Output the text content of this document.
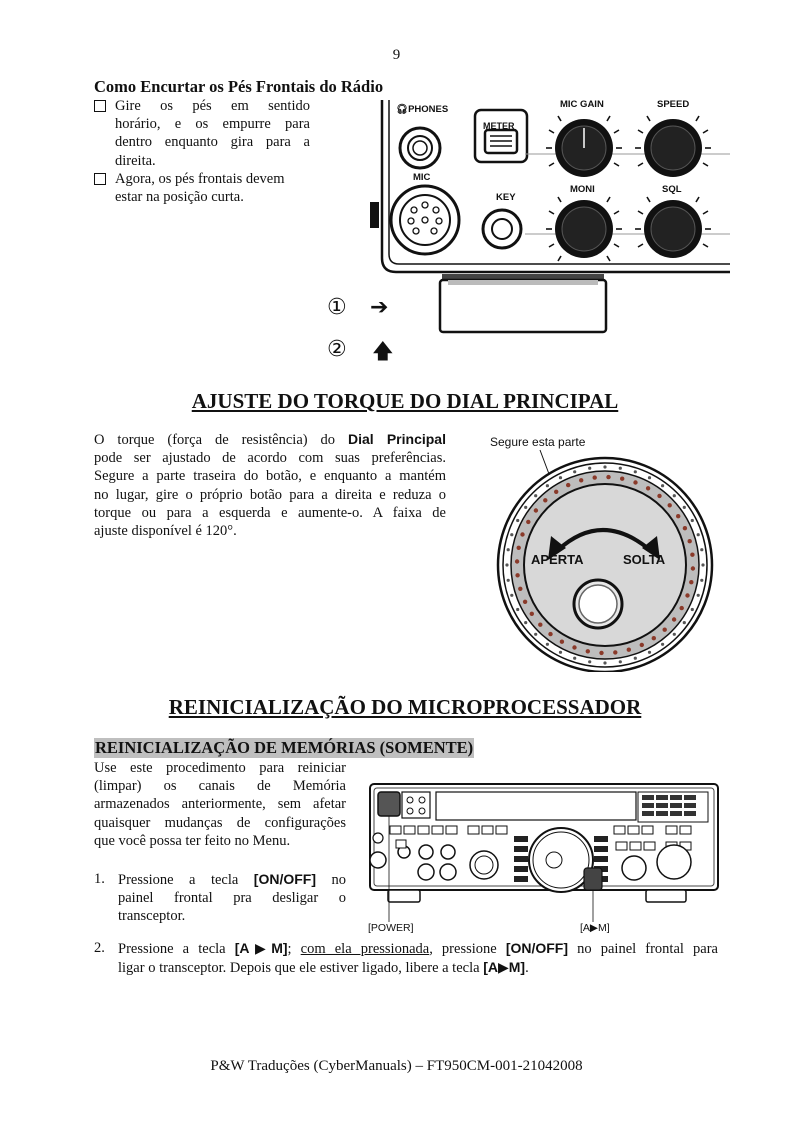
9
Como Encurtar os Pés Frontais do Rádio
Gire os pés em sentido
horário, e os empurre para
dentro enquanto gira para a
direita.
Agora, os pés frontais devem
estar na posição curta.
🎧︎PHONES
METER
MIC GAIN	SPEED
MIC
KEY
MONI	SQL
① ➔
② 🡅
AJUSTE DO TORQUE DO DIAL PRINCIPAL
O torque (força de resistência) do Dial Principal
pode ser ajustado de acordo com suas preferências.
Segure a parte traseira do botão, e enquanto a mantém
no lugar, gire o próprio botão para a direita e reduza o
torque ou para a esquerda e aumente-o. A faixa de
ajuste disponível é 120°.
Segure esta parte
APERTA	SOLTA
REINICIALIZAÇÃO DO MICROPROCESSADOR
REINICIALIZAÇÃO DE MEMÓRIAS (SOMENTE)
Use este procedimento para reiniciar
(limpar) os canais de Memória
armazenados anteriormente, sem afetar
quaisquer mudanças de configurações
que você possa ter feito no Menu.
1. Pressione a tecla [ON/OFF] no
painel frontal pra desligar o
transceptor.
[POWER]	[A▶M]
2. Pressione a tecla [A▶M]; com ela pressionada, pressione [ON/OFF] no painel frontal para
ligar o transceptor. Depois que ele estiver ligado, libere a tecla [A▶M].
P&W Traduções (CyberManuals) – FT950CM-001-21042008
